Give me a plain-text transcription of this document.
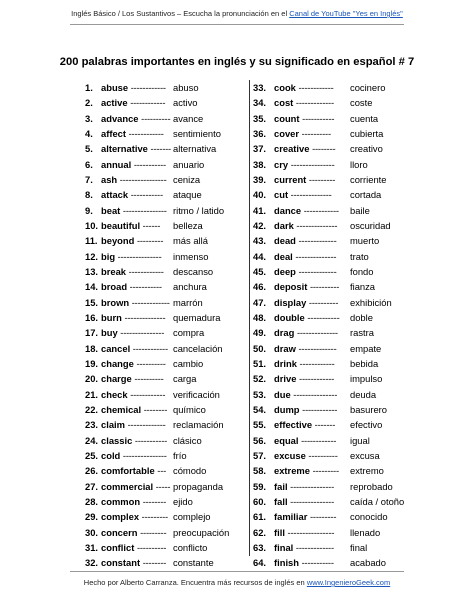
Inglés Básico / Los Sustantivos – Escucha la pronunciación en el Canal de YouTube "Yes en Inglés"
200 palabras importantes en inglés y su significado en español # 7
1. abuse ------------ abuso
2. active ------------ activo
3. advance ---------- avance
4. affect ------------ sentimiento
5. alternative ------- alternativa
6. annual ----------- anuario
7. ash ---------------- ceniza
8. attack ----------- ataque
9. beat --------------- ritmo / latido
10. beautiful ------ belleza
11. beyond --------- más allá
12. big --------------- inmenso
13. break ------------ descanso
14. broad ----------- anchura
15. brown ------------- marrón
16. burn -------------- quemadura
17. buy --------------- compra
18. cancel ------------ cancelación
19. change ---------- cambio
20. charge ---------- carga
21. check ------------ verificación
22. chemical -------- químico
23. claim ------------- reclamación
24. classic ----------- clásico
25. cold --------------- frío
26. comfortable --- cómodo
27. commercial ----- propaganda
28. common -------- ejido
29. complex --------- complejo
30. concern --------- preocupación
31. conflict ---------- conflicto
32. constant -------- constante
33. cook ------------ cocinero
34. cost ------------- coste
35. count ----------- cuenta
36. cover ---------- cubierta
37. creative -------- creativo
38. cry --------------- lloro
39. current --------- corriente
40. cut -------------- cortada
41. dance ------------ baile
42. dark -------------- oscuridad
43. dead ------------- muerto
44. deal -------------- trato
45. deep ------------- fondo
46. deposit ---------- fianza
47. display ---------- exhibición
48. double ----------- doble
49. drag -------------- rastra
50. draw ------------- empate
51. drink ------------ bebida
52. drive ------------ impulso
53. due --------------- deuda
54. dump ------------ basurero
55. effective ------- efectivo
56. equal ------------ igual
57. excuse ---------- excusa
58. extreme --------- extremo
59. fail --------------- reprobado
60. fall --------------- caída / otoño
61. familiar --------- conocido
62. fill ---------------- llenado
63. final ------------- final
64. finish ----------- acabado
Hecho por Alberto Carranza. Encuentra más recursos de inglés en www.IngenieroGeek.com
